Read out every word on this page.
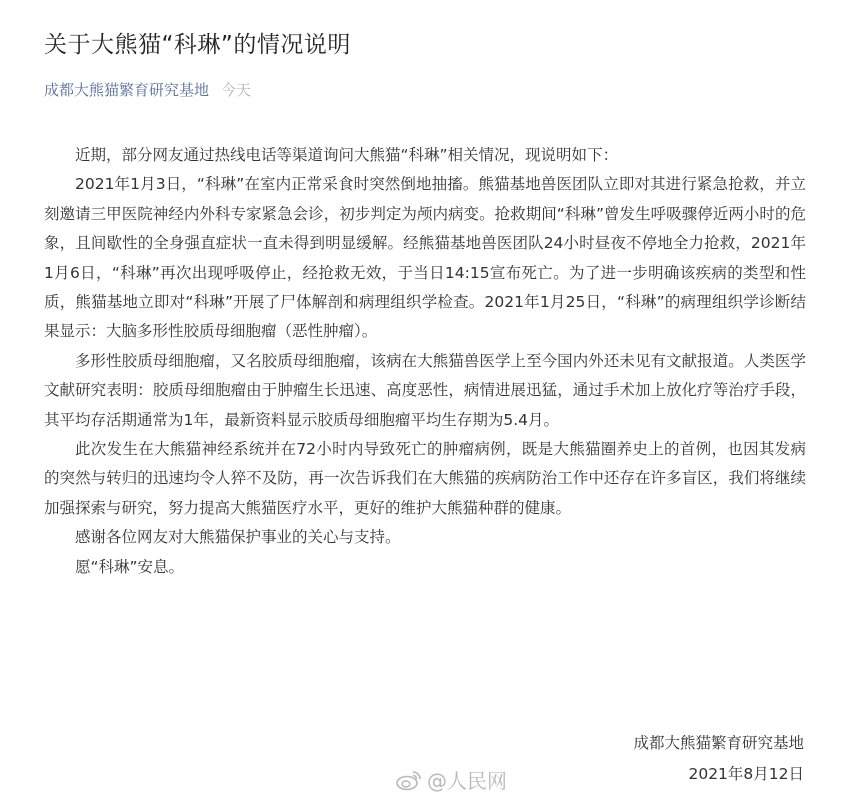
关于大熊猫“科琳”的情况说明
成都大熊猫繁育研究基地 今天

近期，部分网友通过热线电话等渠道询问大熊猫“科琳”相关情况，现说明如下：

2021年1月3日，“科琳”在室内正常采食时突然倒地抽搐。熊猫基地兽医团队立即对其进行紧急抢救，并立刻邀请三甲医院神经内外科专家紧急会诊，初步判定为颅内病变。抢救期间“科琳”曾发生呼吸骤停近两小时的危象，且间歇性的全身强直症状一直未得到明显缓解。经熊猫基地兽医团队24小时昼夜不停地全力抢救，2021年1月6日，“科琳”再次出现呼吸停止，经抢救无效，于当日14:15宣布死亡。为了进一步明确该疾病的类型和性质，熊猫基地立即对“科琳”开展了尸体解剖和病理组织学检查。2021年1月25日，“科琳”的病理组织学诊断结果显示：大脑多形性胶质母细胞瘤（恶性肿瘤）。

多形性胶质母细胞瘤，又名胶质母细胞瘤，该病在大熊猫兽医学上至今国内外还未见有文献报道。人类医学文献研究表明：胶质母细胞瘤由于肿瘤生长迅速、高度恶性，病情进展迅猛，通过手术加上放化疗等治疗手段，其平均存活期通常为1年，最新资料显示胶质母细胞瘤平均生存期为5.4月。

此次发生在大熊猫神经系统并在72小时内导致死亡的肿瘤病例，既是大熊猫圈养史上的首例，也因其发病的突然与转归的迅速均令人猝不及防，再一次告诉我们在大熊猫的疾病防治工作中还存在许多盲区，我们将继续加强探索与研究，努力提高大熊猫医疗水平，更好的维护大熊猫种群的健康。

感谢各位网友对大熊猫保护事业的关心与支持。

愿“科琳”安息。

成都大熊猫繁育研究基地
2021年8月12日
@人民网
